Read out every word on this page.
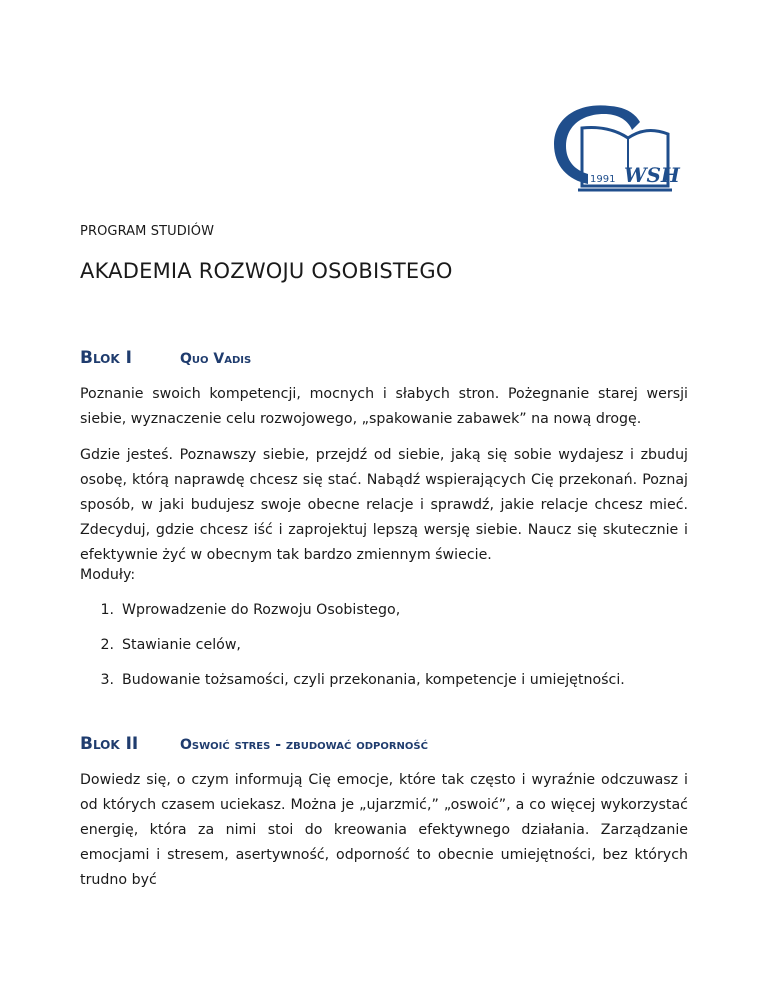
1991 WSH
PROGRAM STUDIÓW
AKADEMIA ROZWOJU OSOBISTEGO
Blok I	Quo Vadis

Poznanie swoich kompetencji, mocnych i słabych stron. Pożegnanie starej wersji siebie, wyznaczenie celu rozwojowego, „spakowanie zabawek” na nową drogę.

Gdzie jesteś. Poznawszy siebie, przejdź od siebie, jaką się sobie wydajesz i zbuduj osobę, którą naprawdę chcesz się stać. Nabądź wspierających Cię przekonań. Poznaj sposób, w jaki budujesz swoje obecne relacje i sprawdź, jakie relacje chcesz mieć. Zdecyduj, gdzie chcesz iść i zaprojektuj lepszą wersję siebie. Naucz się skutecznie i efektywnie żyć w obecnym tak bardzo zmiennym świecie.

Moduły:
1. Wprowadzenie do Rozwoju Osobistego,
2. Stawianie celów,
3. Budowanie tożsamości, czyli przekonania, kompetencje i umiejętności.
Blok II	Oswoić stres - zbudować odporność

Dowiedz się, o czym informują Cię emocje, które tak często i wyraźnie odczuwasz i od których czasem uciekasz. Można je „ujarzmić,” „oswoić”, a co więcej wykorzystać energię, która za nimi stoi do kreowania efektywnego działania. Zarządzanie emocjami i stresem, asertywność, odporność to obecnie umiejętności, bez których trudno być
